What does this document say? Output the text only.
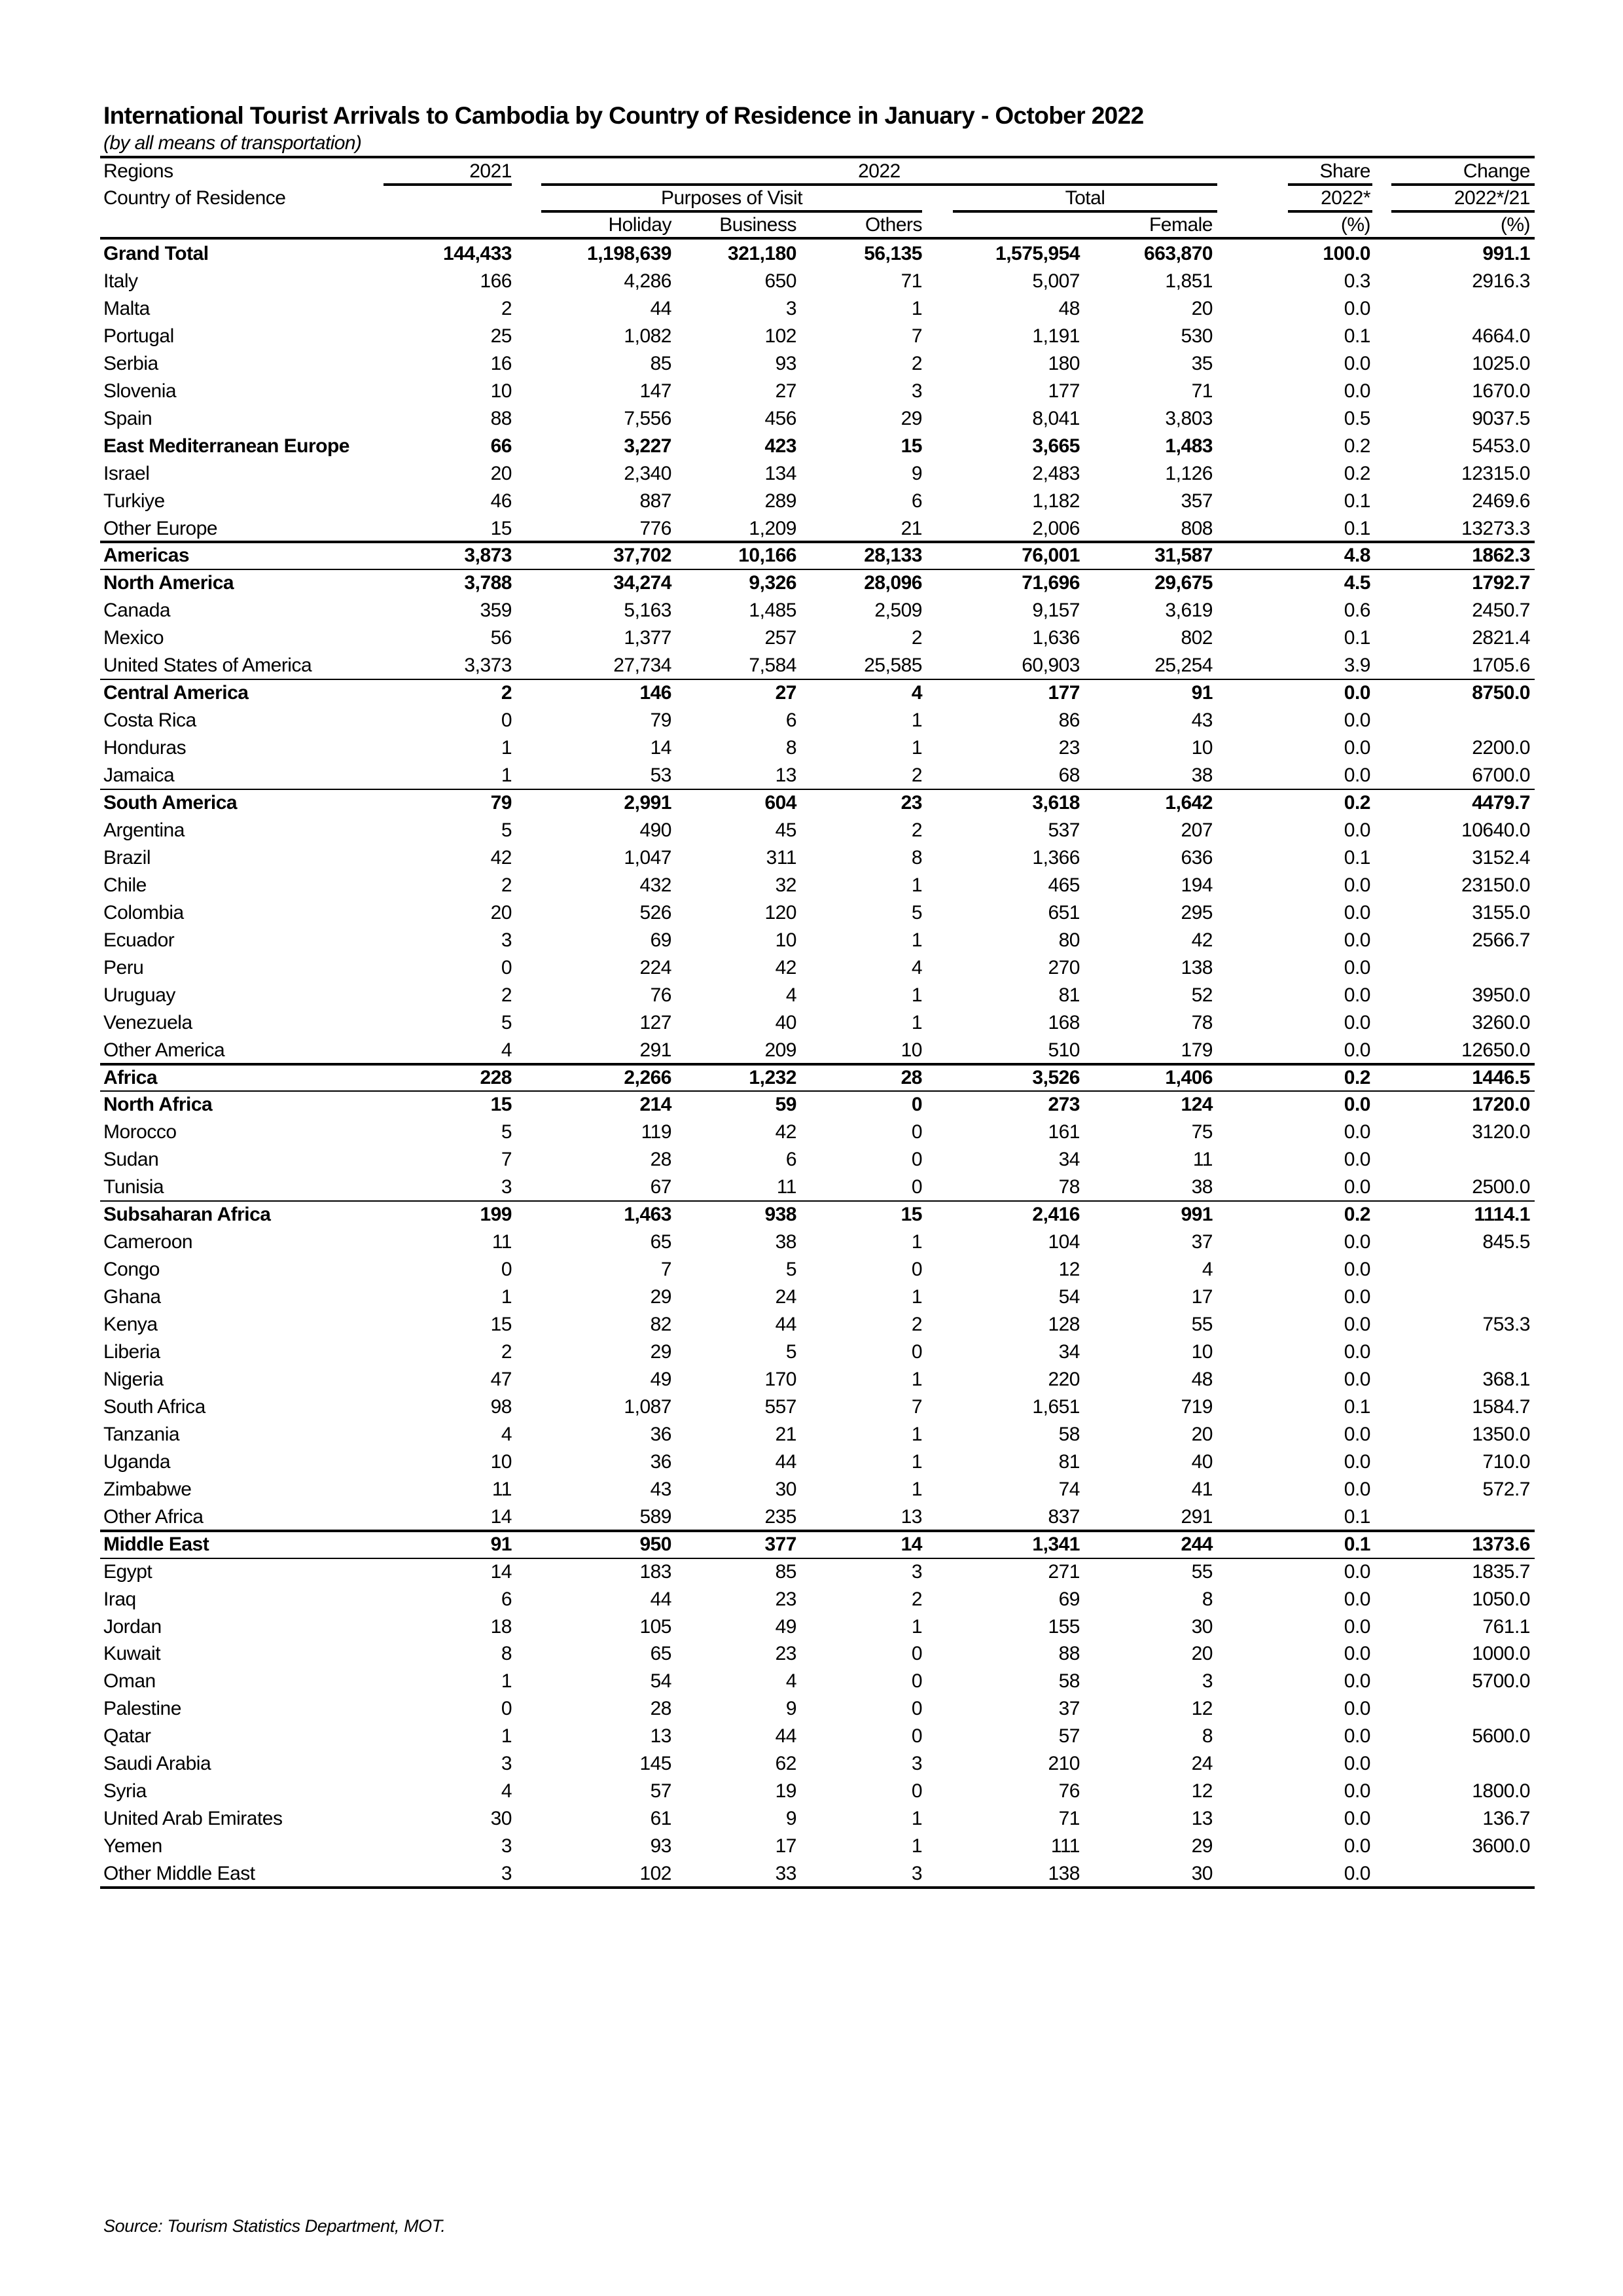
International Tourist Arrivals to Cambodia by Country of Residence in January - October 2022
(by all means of transportation)
Regions	2021	2022	Share	Change
Country of Residence	Purposes of Visit	Total	2022*	2022*/21
Holiday	Business	Others	Female	(%)	(%)
Grand Total	144,433	1,198,639	321,180	56,135	1,575,954	663,870	100.0	991.1
Italy	166	4,286	650	71	5,007	1,851	0.3	2916.3
Malta	2	44	3	1	48	20	0.0
Portugal	25	1,082	102	7	1,191	530	0.1	4664.0
Serbia	16	85	93	2	180	35	0.0	1025.0
Slovenia	10	147	27	3	177	71	0.0	1670.0
Spain	88	7,556	456	29	8,041	3,803	0.5	9037.5
East Mediterranean Europe	66	3,227	423	15	3,665	1,483	0.2	5453.0
Israel	20	2,340	134	9	2,483	1,126	0.2	12315.0
Turkiye	46	887	289	6	1,182	357	0.1	2469.6
Other Europe	15	776	1,209	21	2,006	808	0.1	13273.3
Americas	3,873	37,702	10,166	28,133	76,001	31,587	4.8	1862.3
North America	3,788	34,274	9,326	28,096	71,696	29,675	4.5	1792.7
Canada	359	5,163	1,485	2,509	9,157	3,619	0.6	2450.7
Mexico	56	1,377	257	2	1,636	802	0.1	2821.4
United States of America	3,373	27,734	7,584	25,585	60,903	25,254	3.9	1705.6
Central America	2	146	27	4	177	91	0.0	8750.0
Costa Rica	0	79	6	1	86	43	0.0
Honduras	1	14	8	1	23	10	0.0	2200.0
Jamaica	1	53	13	2	68	38	0.0	6700.0
South America	79	2,991	604	23	3,618	1,642	0.2	4479.7
Argentina	5	490	45	2	537	207	0.0	10640.0
Brazil	42	1,047	311	8	1,366	636	0.1	3152.4
Chile	2	432	32	1	465	194	0.0	23150.0
Colombia	20	526	120	5	651	295	0.0	3155.0
Ecuador	3	69	10	1	80	42	0.0	2566.7
Peru	0	224	42	4	270	138	0.0
Uruguay	2	76	4	1	81	52	0.0	3950.0
Venezuela	5	127	40	1	168	78	0.0	3260.0
Other America	4	291	209	10	510	179	0.0	12650.0
Africa	228	2,266	1,232	28	3,526	1,406	0.2	1446.5
North Africa	15	214	59	0	273	124	0.0	1720.0
Morocco	5	119	42	0	161	75	0.0	3120.0
Sudan	7	28	6	0	34	11	0.0
Tunisia	3	67	11	0	78	38	0.0	2500.0
Subsaharan Africa	199	1,463	938	15	2,416	991	0.2	1114.1
Cameroon	11	65	38	1	104	37	0.0	845.5
Congo	0	7	5	0	12	4	0.0
Ghana	1	29	24	1	54	17	0.0
Kenya	15	82	44	2	128	55	0.0	753.3
Liberia	2	29	5	0	34	10	0.0
Nigeria	47	49	170	1	220	48	0.0	368.1
South Africa	98	1,087	557	7	1,651	719	0.1	1584.7
Tanzania	4	36	21	1	58	20	0.0	1350.0
Uganda	10	36	44	1	81	40	0.0	710.0
Zimbabwe	11	43	30	1	74	41	0.0	572.7
Other Africa	14	589	235	13	837	291	0.1
Middle East	91	950	377	14	1,341	244	0.1	1373.6
Egypt	14	183	85	3	271	55	0.0	1835.7
Iraq	6	44	23	2	69	8	0.0	1050.0
Jordan	18	105	49	1	155	30	0.0	761.1
Kuwait	8	65	23	0	88	20	0.0	1000.0
Oman	1	54	4	0	58	3	0.0	5700.0
Palestine	0	28	9	0	37	12	0.0
Qatar	1	13	44	0	57	8	0.0	5600.0
Saudi Arabia	3	145	62	3	210	24	0.0
Syria	4	57	19	0	76	12	0.0	1800.0
United Arab Emirates	30	61	9	1	71	13	0.0	136.7
Yemen	3	93	17	1	111	29	0.0	3600.0
Other Middle East	3	102	33	3	138	30	0.0
Source: Tourism Statistics Department, MOT.
